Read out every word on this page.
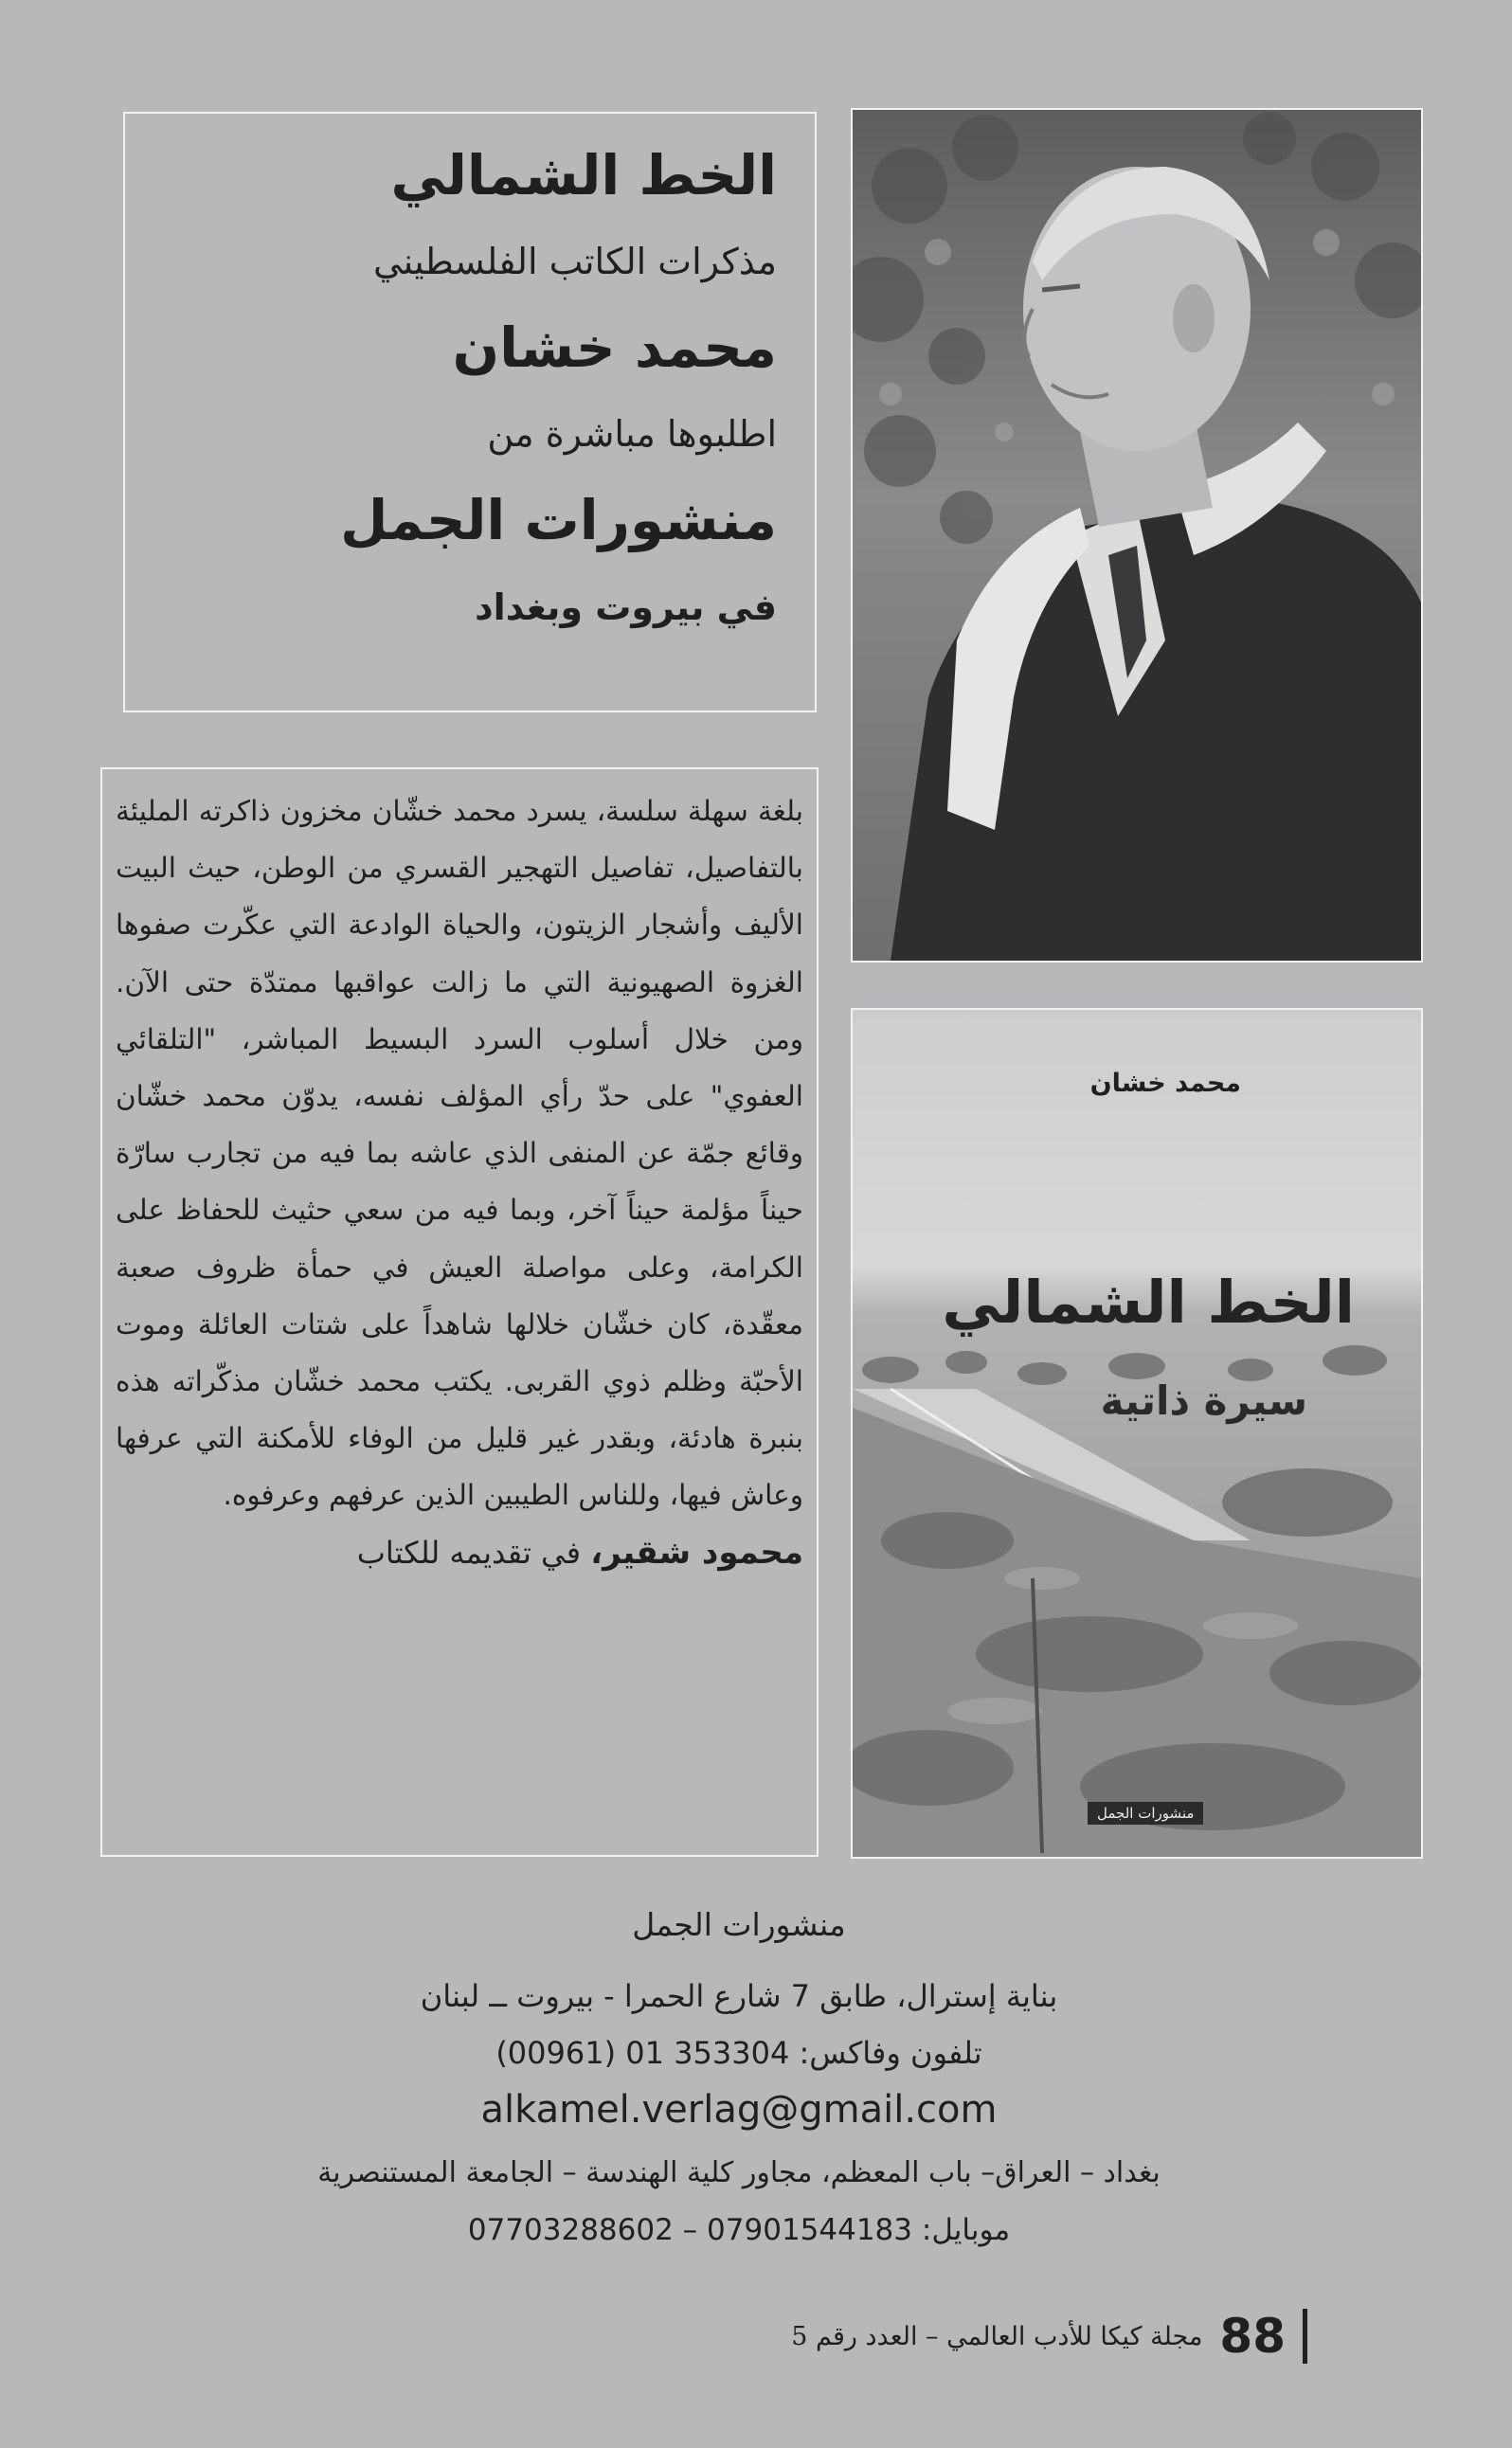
الخط الشمالي

مذكرات الكاتب الفلسطيني

محمد خشان

اطلبوها مباشرة من

منشورات الجمل

في بيروت وبغداد

بلغة سهلة سلسة، يسرد محمد خشّان مخزون ذاكرته المليئة بالتفاصيل، تفاصيل التهجير القسري من الوطن، حيث البيت الأليف وأشجار الزيتون، والحياة الوادعة التي عكّرت صفوها الغزوة الصهيونية التي ما زالت عواقبها ممتدّة حتى الآن. ومن خلال أسلوب السرد البسيط المباشر، "التلقائي العفوي" على حدّ رأي المؤلف نفسه، يدوّن محمد خشّان وقائع جمّة عن المنفى الذي عاشه بما فيه من تجارب سارّة حيناً مؤلمة حيناً آخر، وبما فيه من سعي حثيث للحفاظ على الكرامة، وعلى مواصلة العيش في حمأة ظروف صعبة معقّدة، كان خشّان خلالها شاهداً على شتات العائلة وموت الأحبّة وظلم ذوي القربى. يكتب محمد خشّان مذكّراته هذه بنبرة هادئة، وبقدر غير قليل من الوفاء للأمكنة التي عرفها وعاش فيها، وللناس الطيبين الذين عرفهم وعرفوه.
محمود شقير، في تقديمه للكتاب
محمد خشان
الخط الشمالي
سيرة ذاتية
منشورات الجمل
منشورات الجمل
بناية إسترال، طابق 7 شارع الحمرا - بيروت ــ لبنان
تلفون وفاكس: 353304 01 (00961)
alkamel.verlag@gmail.com
بغداد – العراق– باب المعظم، مجاور كلية الهندسة – الجامعة المستنصرية
موبايل: 07901544183 – 07703288602
88
مجلة كيكا للأدب العالمي – العدد رقم 5
